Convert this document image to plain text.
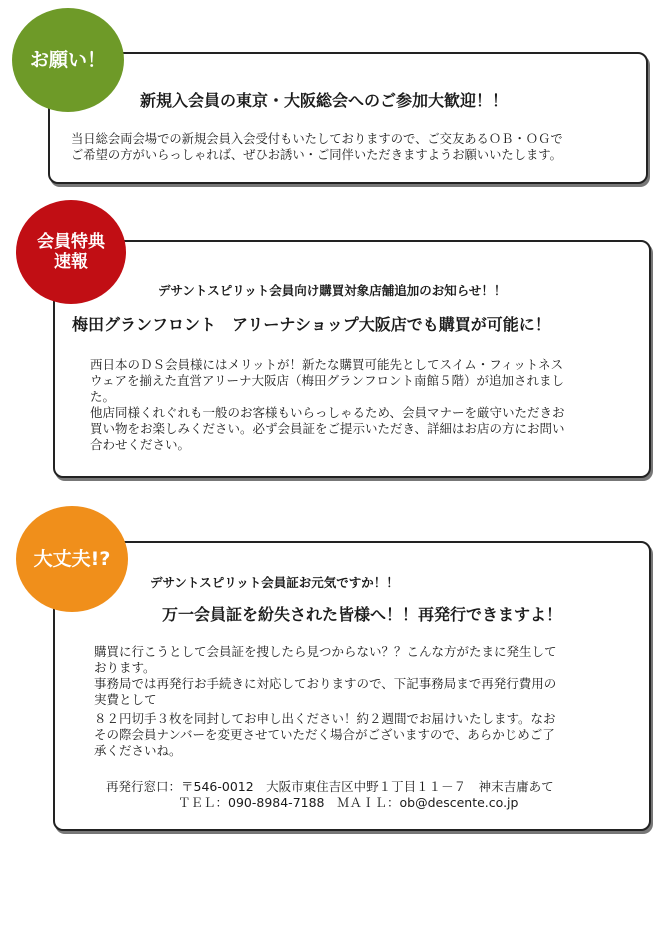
お願い！

新規入会員の東京・大阪総会へのご参加大歓迎！！

当日総会両会場での新規会員入会受付もいたしておりますので、ご交友あるＯＢ・ＯＧで

ご希望の方がいらっしゃれば、ぜひお誘い・ご同伴いただきますようお願いいたします。

会員特典
速報

デサントスピリット会員向け購買対象店舗追加のお知らせ！！

梅田グランフロント　アリーナショップ大阪店でも購買が可能に！

西日本のＤＳ会員様にはメリットが！新たな購買可能先としてスイム・フィットネス

ウェアを揃えた直営アリーナ大阪店（梅田グランフロント南館５階）が追加されまし

た。

他店同様くれぐれも一般のお客様もいらっしゃるため、会員マナーを厳守いただきお

買い物をお楽しみください。必ず会員証をご提示いただき、詳細はお店の方にお問い

合わせください。

大丈夫!?

デサントスピリット会員証お元気ですか！！

万一会員証を紛失された皆様へ！！再発行できますよ！

購買に行こうとして会員証を捜したら見つからない？？こんな方がたまに発生して

おります。

事務局では再発行お手続きに対応しておりますので、下記事務局まで再発行費用の

実費として

８２円切手３枚を同封してお申し出ください！約２週間でお届けいたします。なお

その際会員ナンバーを変更させていただく場合がございますので、あらかじめご了

承くださいね。

再発行窓口：〒546-0012　大阪市東住吉区中野１丁目１１－７　神末吉庸あて

ＴＥＬ：090-8984-7188　ＭＡＩＬ：ob@descente.co.jp
